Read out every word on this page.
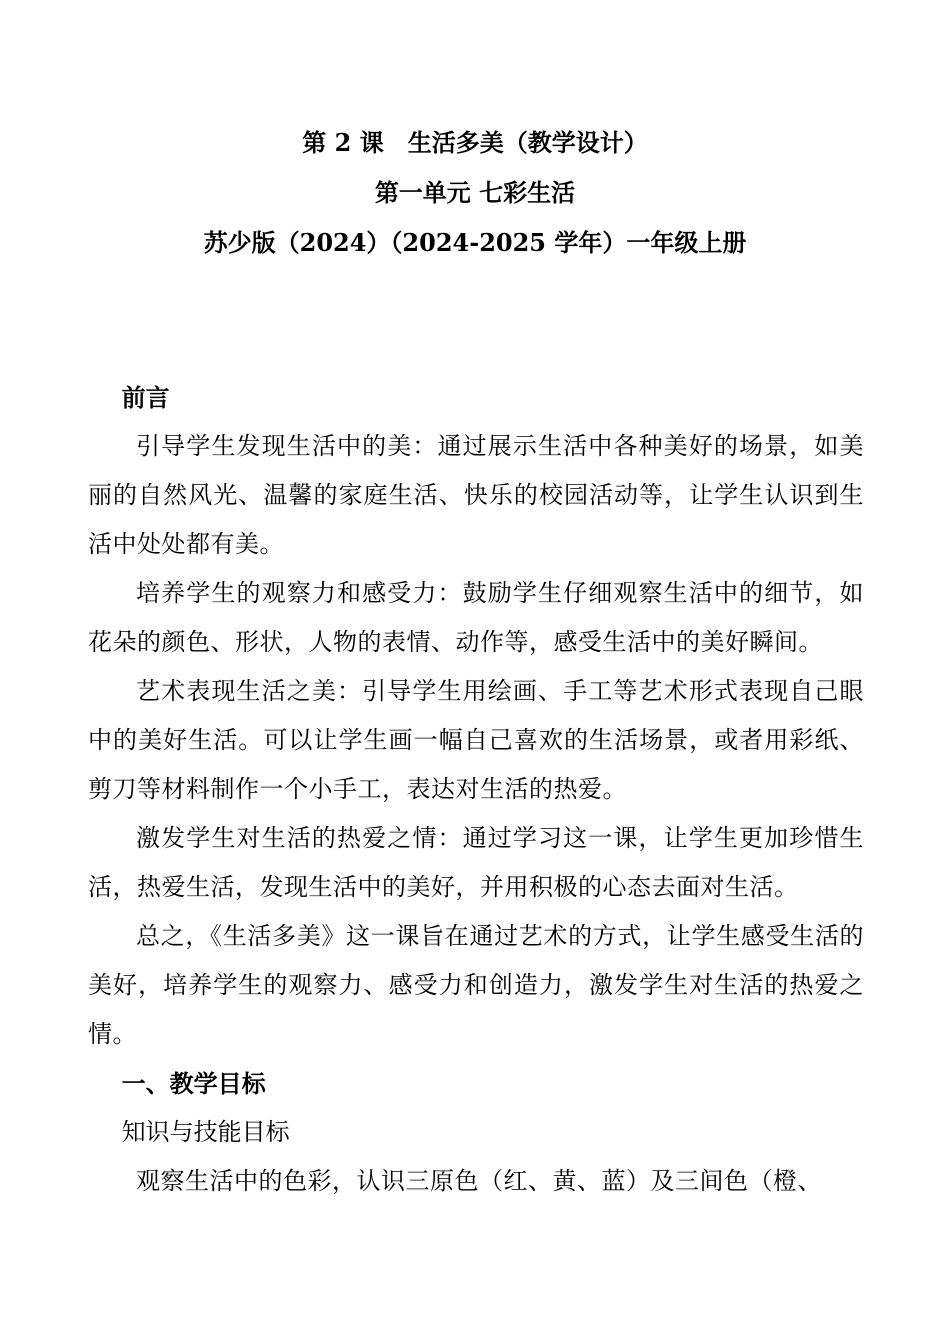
第 2 课　生活多美（教学设计）
第一单元 七彩生活
苏少版（2024）（2024-2025 学年）一年级上册

前言

引导学生发现生活中的美：通过展示生活中各种美好的场景，如美丽的自然风光、温馨的家庭生活、快乐的校园活动等，让学生认识到生活中处处都有美。

培养学生的观察力和感受力：鼓励学生仔细观察生活中的细节，如花朵的颜色、形状，人物的表情、动作等，感受生活中的美好瞬间。

艺术表现生活之美：引导学生用绘画、手工等艺术形式表现自己眼中的美好生活。可以让学生画一幅自己喜欢的生活场景，或者用彩纸、剪刀等材料制作一个小手工，表达对生活的热爱。

激发学生对生活的热爱之情：通过学习这一课，让学生更加珍惜生活，热爱生活，发现生活中的美好，并用积极的心态去面对生活。

总之，《生活多美》这一课旨在通过艺术的方式，让学生感受生活的美好，培养学生的观察力、感受力和创造力，激发学生对生活的热爱之情。

一、教学目标

知识与技能目标

观察生活中的色彩，认识三原色（红、黄、蓝）及三间色（橙、
